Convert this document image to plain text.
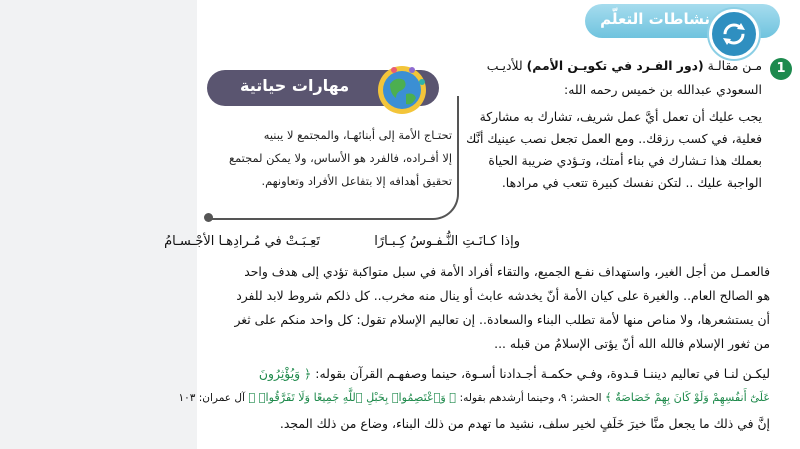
نشاطات التعلّم
1
مـن مقالـة (دور الفـرد في تكويـن الأمم) للأديـب
السعودي عبدالله بن خميس رحمه الله:
يجب عليك أن تعمل أيَّ عمل شريف، تشارك به مشاركة
فعلية، في كسب رزقك.. ومع العمل تجعل نصب عينيك أنَّك
بعملك هذا تـشارك في بناء أمتك، وتـؤدي ضريبة الحياة
الواجبة عليك .. لتكن نفسك كبيرة تتعب في مرادها.
مهارات حياتية
تحتـاج الأمة إلى أبنائهـا، والمجتمع لا يبنيه
إلا أفـراده، فالفرد هو الأساس، ولا يمكن لمجتمع
تحقيق أهدافه إلا بتفاعل الأفراد وتعاونهم.
وإذا كـانَـتِ النُّـفـوسُ كِـبـارًا
تَعِـبَـتْ في مُـرادِهـا الأجْـسـامُ
فالعمـل من أجل الغير، واستهداف نفـع الجميع، والتقاء أفراد الأمة في سبل متواكبة تؤدي إلى هدف واحد
هو الصالح العام.. والغيرة على كيان الأمة أنّ يخدشه عابث أو ينال منه مخرب.. كل ذلكم شروط لابد للفرد
أن يستشعرها، ولا مناص منها لأمة تطلب البناء والسعادة.. إن تعاليم الإسلام تقول: كل واحد منكم على ثغر
من ثغور الإسلام فالله الله أنّ يؤتى الإسلامُ من قبله ...
ليكـن لنـا في تعاليم ديننـا قـدوة، وفـي حكمـة أجـدادنا أسـوة، حينما وصفهـم القرآن بقوله: ﴿ وَيُؤْثِرُونَ
عَلَىٰٓ أَنفُسِهِمْ وَلَوْ كَانَ بِهِمْ خَصَاصَةٌ ﴾ الحشر: ٩، وحينما أرشدهم بقوله: ﴿ وَٱعْتَصِمُوا۟ بِحَبْلِ ٱللَّهِ جَمِيعًا وَلَا تَفَرَّقُوا۟ ﴾ آل عمران: ١٠٣
إنَّ في ذلك ما يجعل منَّا خيرَ خَلَفٍ لخير سلف، نشيد ما تهدم من ذلك البناء، وضاع من ذلك المجد.
